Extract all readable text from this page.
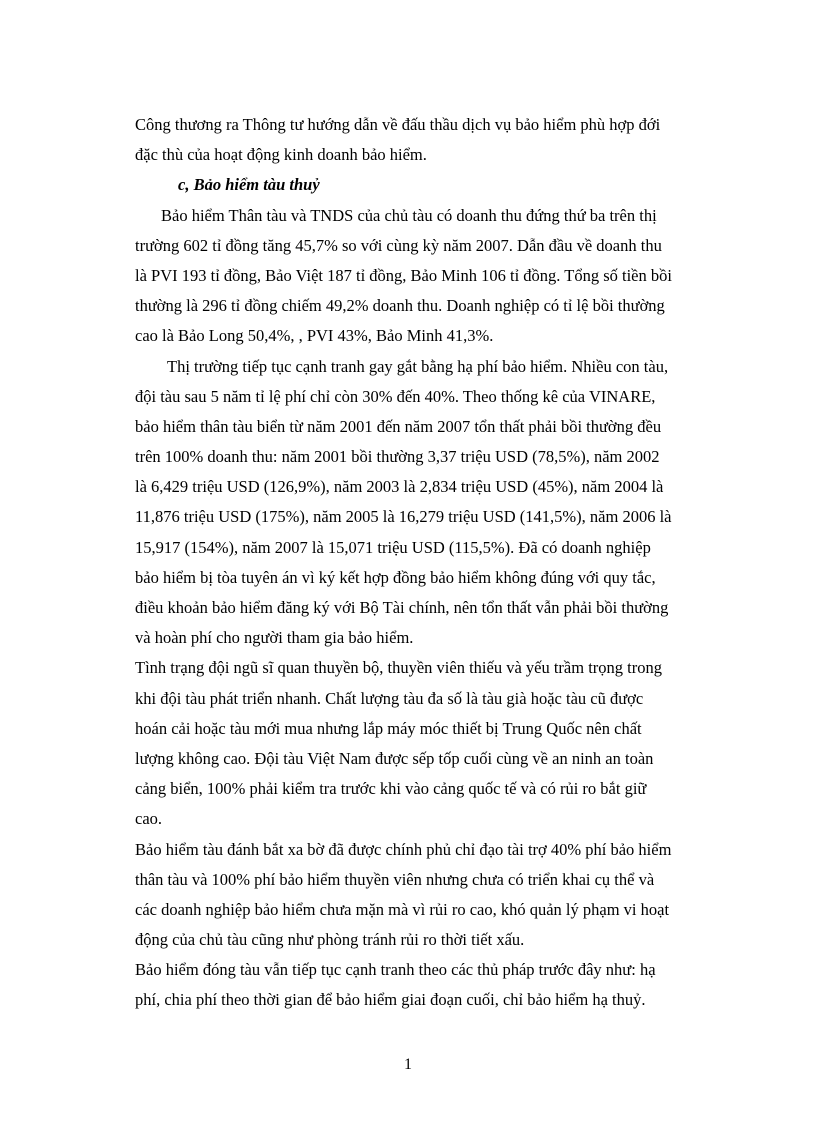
Công thương ra Thông tư hướng dẫn về đấu thầu dịch vụ bảo hiểm phù hợp đới
đặc thù của hoạt động kinh doanh bảo hiểm.
c, Bảo hiểm tàu thuỷ
Bảo hiểm Thân tàu và TNDS của chủ tàu có doanh thu đứng thứ ba trên thị
trường 602 tỉ đồng tăng 45,7% so với cùng kỳ năm 2007. Dẫn đầu về doanh thu
là PVI 193 tỉ đồng, Bảo Việt 187 tỉ đồng, Bảo Minh 106 tỉ đồng. Tổng số tiền bồi
thường là 296 tỉ đồng chiếm 49,2% doanh thu. Doanh nghiệp có tỉ lệ bồi thường
cao là Bảo Long 50,4%, , PVI 43%, Bảo Minh 41,3%.
Thị trường tiếp tục cạnh tranh gay gắt bằng hạ phí bảo hiểm. Nhiều con tàu,
đội tàu sau 5 năm tỉ lệ phí chỉ còn 30% đến 40%. Theo thống kê của VINARE,
bảo hiểm thân tàu biển từ năm 2001 đến năm 2007 tổn thất phải bồi thường đều
trên 100% doanh thu: năm 2001 bồi thường 3,37 triệu USD (78,5%), năm 2002
là 6,429 triệu USD (126,9%), năm 2003 là 2,834 triệu USD (45%), năm 2004 là
11,876 triệu USD (175%), năm 2005 là 16,279 triệu USD (141,5%), năm 2006 là
15,917 (154%), năm 2007 là 15,071 triệu USD (115,5%). Đã có doanh nghiệp
bảo hiểm bị tòa tuyên án vì ký kết hợp đồng bảo hiểm không đúng với quy tắc,
điều khoản bảo hiểm đăng ký với Bộ Tài chính, nên tổn thất vẫn phải bồi thường
và hoàn phí cho người tham gia bảo hiểm.
Tình trạng đội ngũ sĩ quan thuyền bộ, thuyền viên thiếu và yếu trầm trọng trong
khi đội tàu phát triển nhanh. Chất lượng tàu đa số là tàu già hoặc tàu cũ được
hoán cải hoặc tàu mới mua nhưng lắp máy móc thiết bị Trung Quốc nên chất
lượng không cao. Đội tàu Việt Nam được sếp tốp cuối cùng về an ninh an toàn
cảng biển, 100% phải kiểm tra trước khi vào cảng quốc tế và có rủi ro bắt giữ
cao.
Bảo hiểm tàu đánh bắt xa bờ đã được chính phủ chỉ đạo tài trợ 40% phí bảo hiểm
thân tàu và 100% phí bảo hiểm thuyền viên nhưng chưa có triển khai cụ thể và
các doanh nghiệp bảo hiểm chưa mặn mà vì rủi ro cao, khó quản lý phạm vi hoạt
động của chủ tàu cũng như phòng tránh rủi ro thời tiết xấu.
Bảo hiểm đóng tàu vẫn tiếp tục cạnh tranh theo các thủ pháp trước đây như: hạ
phí, chia phí theo thời gian để bảo hiểm giai đoạn cuối, chỉ bảo hiểm hạ thuỷ.
1
